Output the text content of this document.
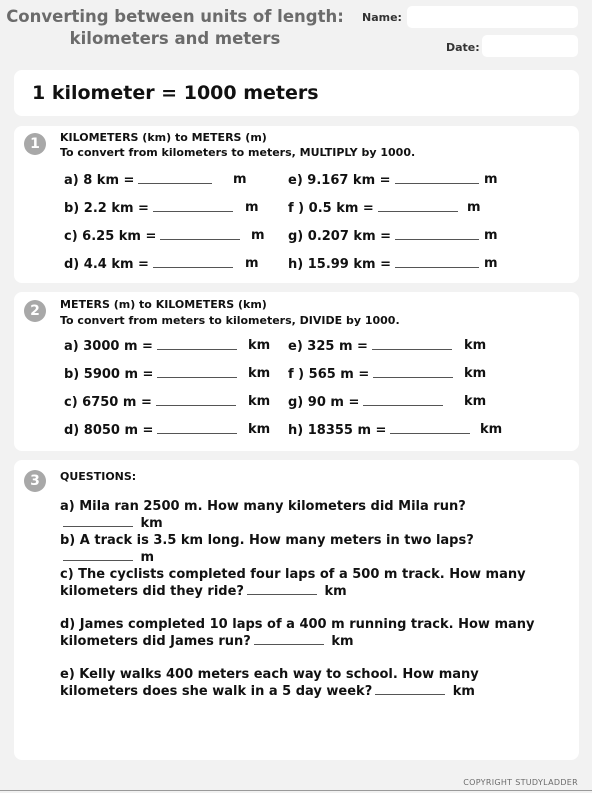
Converting between units of length:
kilometers and meters
Name:
Date:
1 kilometer = 1000 meters
1	KILOMETERS (km) to METERS (m)
To convert from kilometers to meters, MULTIPLY by 1000.
a) 8 km =	m
b) 2.2 km =	m
c) 6.25 km =	m
d) 4.4 km =	m
e) 9.167 km =	m
f ) 0.5 km =	m
g) 0.207 km =	m
h) 15.99 km =	m
2	METERS (m) to KILOMETERS (km)
To convert from meters to kilometers, DIVIDE by 1000.
a) 3000 m =	km
b) 5900 m =	km
c) 6750 m =	km
d) 8050 m =	km
e) 325 m =	km
f ) 565 m =	km
g) 90 m =	km
h) 18355 m =	km
3	QUESTIONS:
a) Mila ran 2500 m. How many kilometers did Mila run? km
b) A track is 3.5 km long. How many meters in two laps? m
c) The cyclists completed four laps of a 500 m track. How many kilometers did they ride?	km
d) James completed 10 laps of a 400 m running track. How many kilometers did James run?	km
e) Kelly walks 400 meters each way to school. How many kilometers does she walk in a 5 day week?	km
COPYRIGHT STUDYLADDER
